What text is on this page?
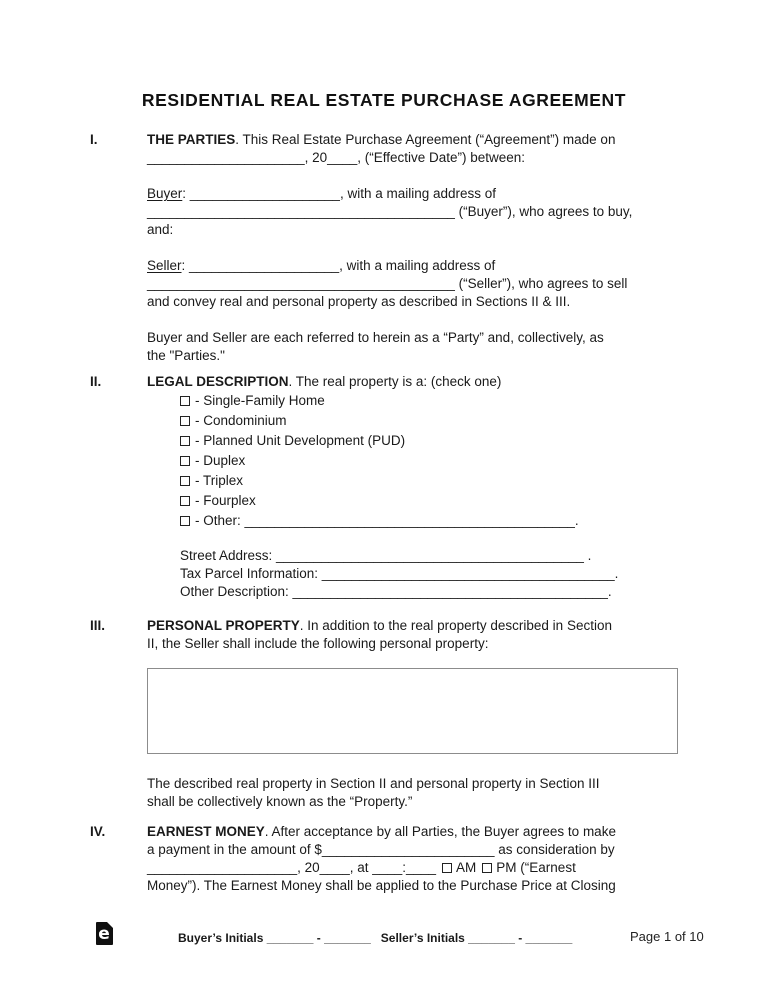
RESIDENTIAL REAL ESTATE PURCHASE AGREEMENT
I.	THE PARTIES. This Real Estate Purchase Agreement (“Agreement”) made on
_____________________, 20____, (“Effective Date”) between:
Buyer: ____________________, with a mailing address of
_________________________________________ (“Buyer”), who agrees to buy,
and:
Seller: ____________________, with a mailing address of
_________________________________________ (“Seller”), who agrees to sell
and convey real and personal property as described in Sections II & III.
Buyer and Seller are each referred to herein as a “Party” and, collectively, as
the "Parties."
II.	LEGAL DESCRIPTION. The real property is a: (check one)
- Single-Family Home
- Condominium
- Planned Unit Development (PUD)
- Duplex
- Triplex
- Fourplex
- Other: ____________________________________________.
Street Address: _________________________________________ .
Tax Parcel Information: _______________________________________.
Other Description: __________________________________________.
III.	PERSONAL PROPERTY. In addition to the real property described in Section
II, the Seller shall include the following personal property:
The described real property in Section II and personal property in Section III
shall be collectively known as the “Property.”
IV.	EARNEST MONEY. After acceptance by all Parties, the Buyer agrees to make
a payment in the amount of $_______________________ as consideration by
____________________, 20____, at ____:____ AM PM (“Earnest
Money”). The Earnest Money shall be applied to the Purchase Price at Closing
e	Buyer’s Initials _______ - _______   Seller’s Initials _______ - _______	Page 1 of 10
